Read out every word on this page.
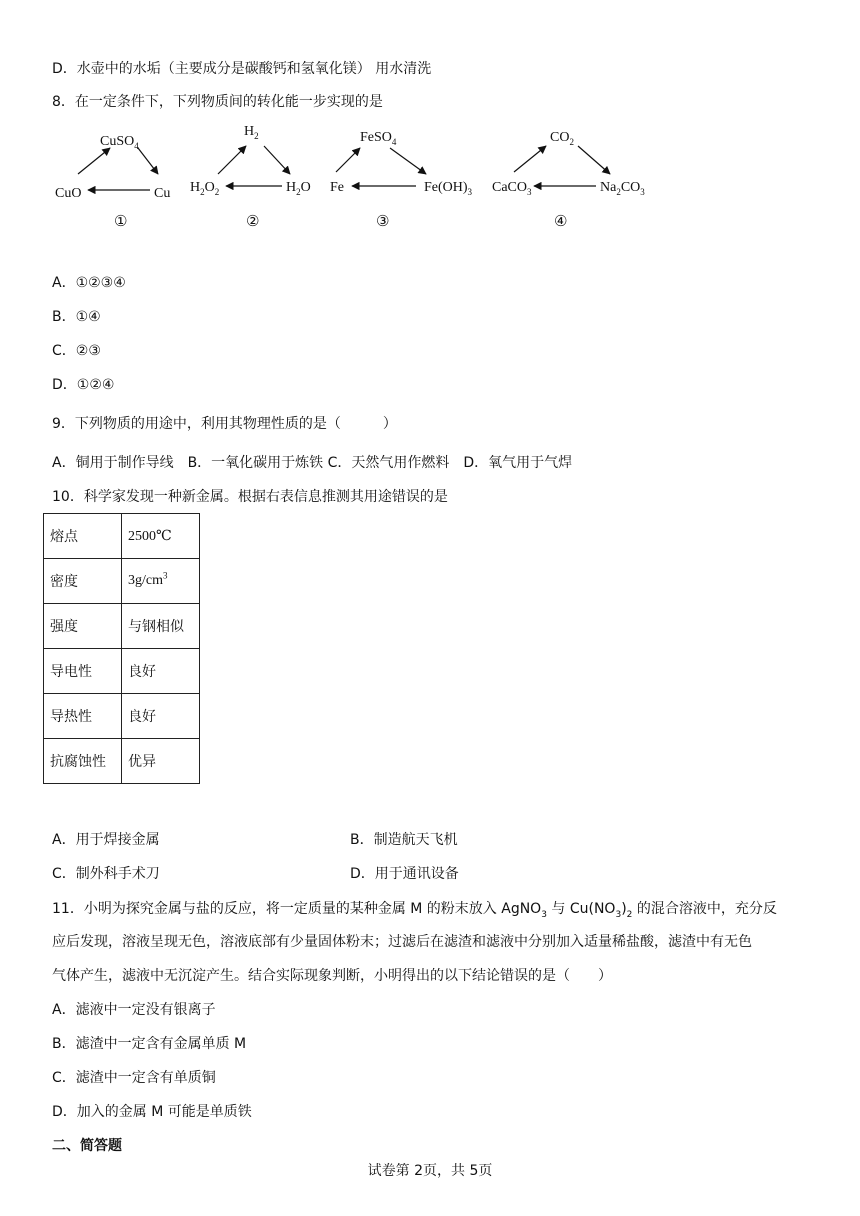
D．水壶中的水垢（主要成分是碳酸钙和氢氧化镁） 用水清洗
8．在一定条件下，下列物质间的转化能一步实现的是
CuSO$_4$
CuO	Cu
①
$H_2$
$H_2O_2$	$H_2O$
②
FeSO$_4$
Fe	$Fe(OH)_3$
③
$CO_2$
CaCO$_3$	$Na_2CO_3$
④
A．①②③④
B．①④
C．②③
D．①②④
9．下列物质的用途中，利用其物理性质的是（　　　）
A．铜用于制作导线　B．一氧化碳用于炼铁 C．天然气用作燃料　D．氧气用于气焊
10．科学家发现一种新金属。根据右表信息推测其用途错误的是
熔点	2500℃
密度	$3g/cm^3$
强度	与钢相似
导电性	良好
导热性	良好
抗腐蚀性	优异
A．用于焊接金属	B．制造航天飞机
C．制外科手术刀	D．用于通讯设备
11．小明为探究金属与盐的反应，将一定质量的某种金属 M 的粉末放入 AgNO$_3$ 与 $Cu(NO_3)_2$ 的混合溶液中，充分反
应后发现，溶液呈现无色，溶液底部有少量固体粉末；过滤后在滤渣和滤液中分别加入适量稀盐酸，滤渣中有无色
气体产生，滤液中无沉淀产生。结合实际现象判断，小明得出的以下结论错误的是（　　）
A．滤液中一定没有银离子
B．滤渣中一定含有金属单质 M
C．滤渣中一定含有单质铜
D．加入的金属 M 可能是单质铁
二、简答题
试卷第 2页，共 5页
